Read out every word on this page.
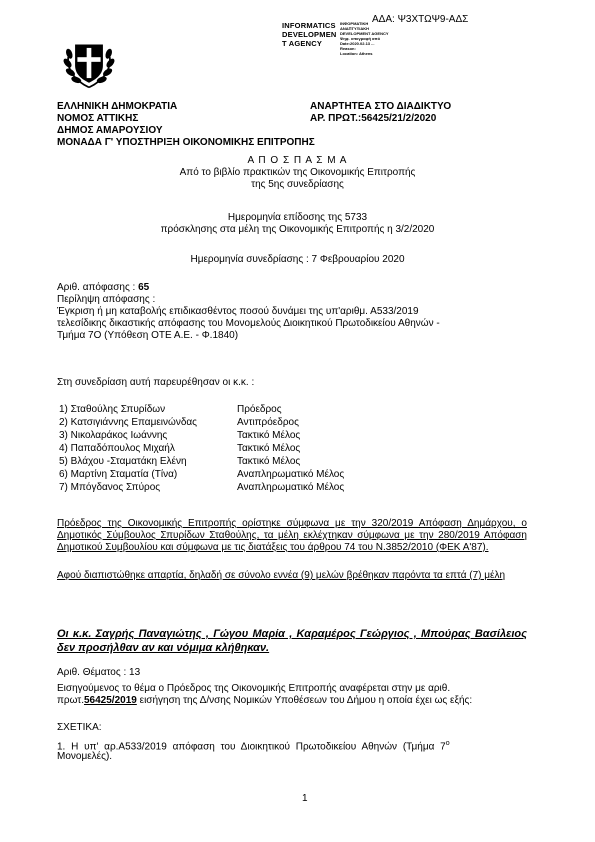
ΑΔΑ: Ψ3ΧΤΩΨ9-ΑΔΣ
INFORMATICS
DEVELOPMEN
T AGENCY
ΙΝΦΟΡΜΑΤΙΚΗ
ΑΝΑΠΤΥΞΙΑΚΗ
DEVELOPMENT AGENCY
Ψηφ. υπογραφή από
Date:2020.02.13 ...
Reason:
Location: Athens
ΕΛΛΗΝΙΚΗ ΔΗΜΟΚΡΑΤΙΑ
ΝΟΜΟΣ ΑΤΤΙΚΗΣ
ΔΗΜΟΣ ΑΜΑΡΟΥΣΙΟΥ
ΜΟΝΑΔΑ Γ' ΥΠΟΣΤΗΡΙΞΗ ΟΙΚΟΝΟΜΙΚΗΣ ΕΠΙΤΡΟΠΗΣ
ΑΝΑΡΤΗΤΕΑ ΣΤΟ ΔΙΑΔΙΚΤΥΟ
ΑΡ. ΠΡΩΤ.:56425/21/2/2020
Α Π Ο Σ Π Α Σ Μ Α
Από το βιβλίο πρακτικών της Οικονομικής Επιτροπής
της 5ης συνεδρίασης
Ημερομηνία επίδοσης της 5733
πρόσκλησης στα μέλη της Οικονομικής Επιτροπής η 3/2/2020
Ημερομηνία συνεδρίασης : 7 Φεβρουαρίου 2020
Αριθ. απόφασης : 65
Περίληψη απόφασης :
Έγκριση ή μη καταβολής επιδικασθέντος ποσού δυνάμει της υπ'αριθμ. Α533/2019
τελεσίδικης δικαστικής απόφασης του Μονομελούς Διοικητικού Πρωτοδικείου Αθηνών -
Τμήμα 7Ο (Υπόθεση ΟΤΕ Α.Ε. - Φ.1840)
Στη συνεδρίαση αυτή παρευρέθησαν οι κ.κ. :
1) Σταθούλης Σπυρίδων	Πρόεδρος
2) Κατσιγιάννης Επαμεινώνδας	Αντιπρόεδρος
3) Νικολαράκος Ιωάννης	Τακτικό Μέλος
4) Παπαδόπουλος Μιχαήλ	Τακτικό Μέλος
5) Βλάχου -Σταματάκη Ελένη	Τακτικό Μέλος
6) Μαρτίνη Σταματία (Τίνα)	Αναπληρωματικό Μέλος
7) Μπόγδανος Σπύρος	Αναπληρωματικό Μέλος
Πρόεδρος της Οικονομικής Επιτροπής ορίστηκε σύμφωνα με την 320/2019 Απόφαση Δημάρχου, ο Δημοτικός Σύμβουλος Σπυρίδων Σταθούλης, τα μέλη εκλέχτηκαν σύμφωνα με την 280/2019 Απόφαση Δημοτικού Συμβουλίου και σύμφωνα με τις διατάξεις του άρθρου 74 του Ν.3852/2010 (ΦΕΚ Α'87).
Αφού διαπιστώθηκε απαρτία, δηλαδή σε σύνολο εννέα (9) μελών βρέθηκαν παρόντα τα επτά (7) μέλη
Οι κ.κ. Σαγρής Παναγιώτης , Γώγου Μαρία , Καραμέρος Γεώργιος , Μπούρας Βασίλειος δεν προσήλθαν αν και νόμιμα κλήθηκαν.
Αριθ. Θέματος : 13
Εισηγούμενος το θέμα ο Πρόεδρος της Οικονομικής Επιτροπής αναφέρεται στην με αριθ.
πρωτ.56425/2019 εισήγηση της Δ/νσης Νομικών Υποθέσεων του Δήμου η οποία έχει ως εξής:
ΣΧΕΤΙΚΑ:
1. Η υπ' αρ.Α533/2019 απόφαση του Διοικητικού Πρωτοδικείου Αθηνών (Τμήμα $7^o$
Μονομελές).
1
